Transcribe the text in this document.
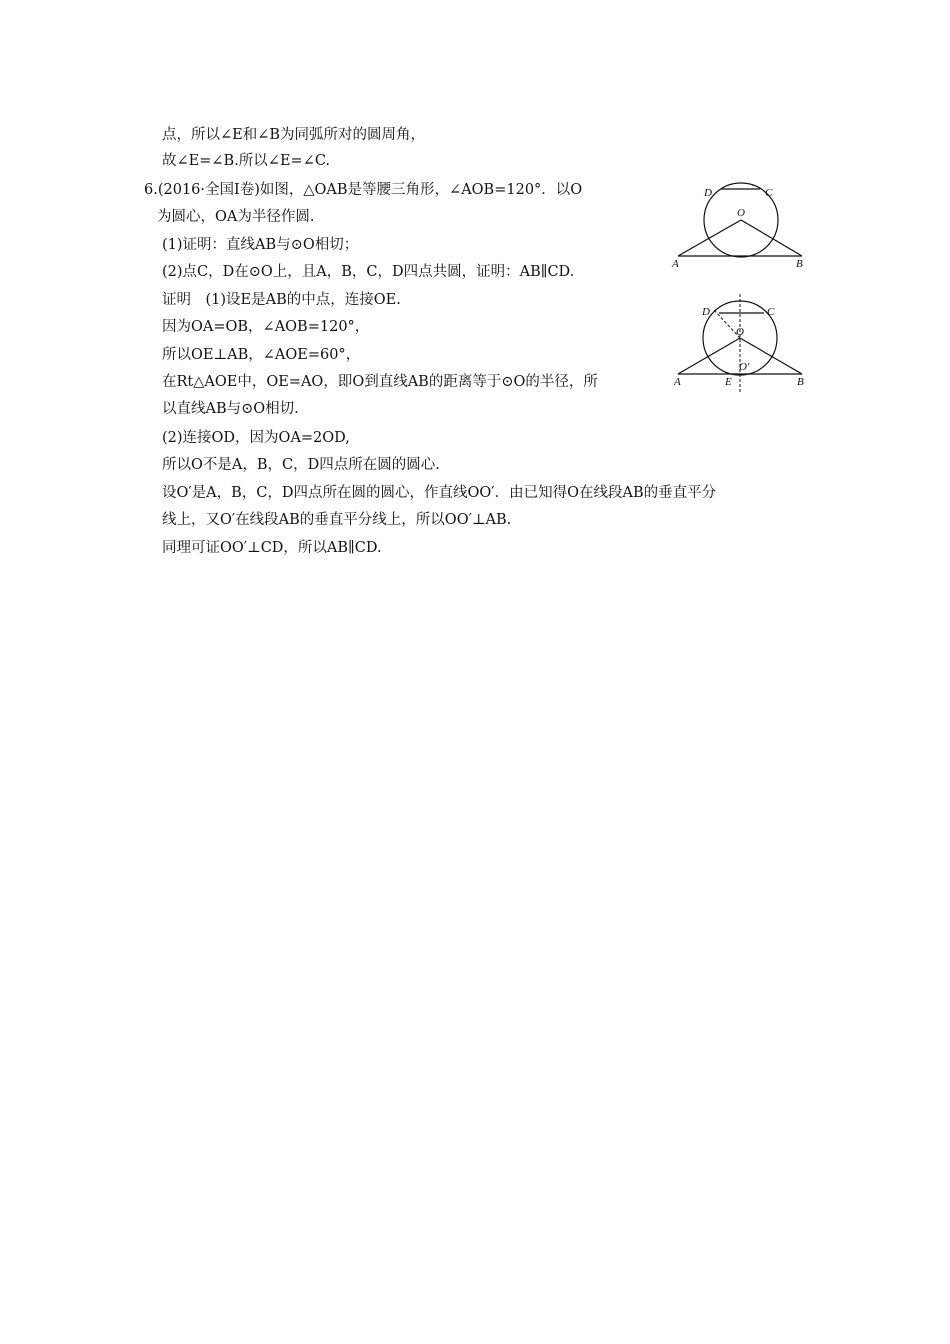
点，所以∠E和∠B为同弧所对的圆周角，
故∠E=∠B.所以∠E=∠C.
6.(2016·全国Ⅰ卷)如图，△OAB是等腰三角形，∠AOB=120°．以O
为圆心，OA为半径作圆.
(1)证明：直线AB与⊙O相切；
(2)点C，D在⊙O上，且A，B，C，D四点共圆，证明：AB∥CD.
证明　(1)设E是AB的中点，连接OE.
因为OA=OB，∠AOB=120°，
所以OE⊥AB，∠AOE=60°，
在Rt△AOE中，OE=AO，即O到直线AB的距离等于⊙O的半径，所
以直线AB与⊙O相切.
(2)连接OD，因为OA=2OD,
所以O不是A，B，C，D四点所在圆的圆心.
设O′是A，B，C，D四点所在圆的圆心，作直线OO′．由已知得O在线段AB的垂直平分
线上，又O′在线段AB的垂直平分线上，所以OO′⊥AB.
同理可证OO′⊥CD，所以AB∥CD.
D	C
O
A	B
D	C
O
O′
A	E	B
